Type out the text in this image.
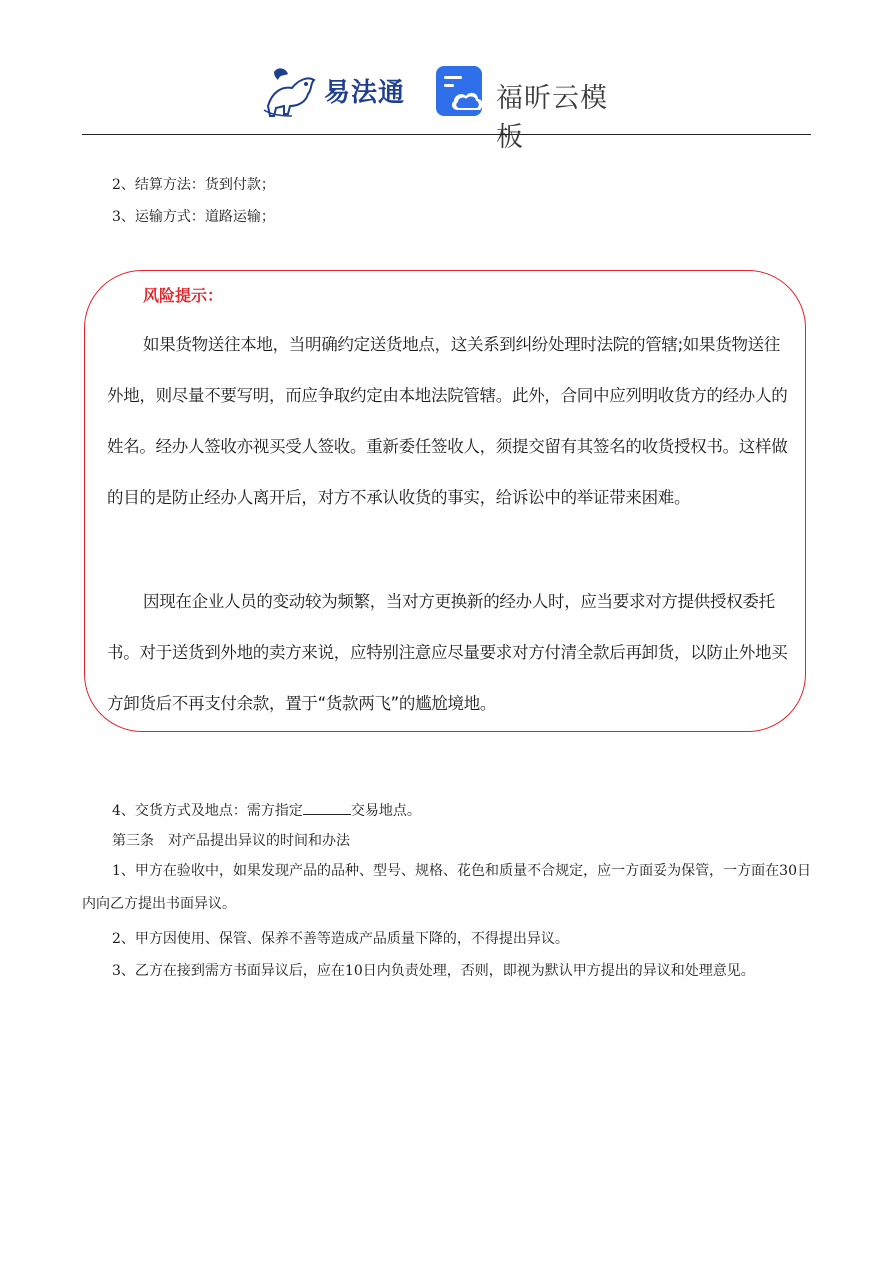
易法通	福昕云模板
2、结算方法：货到付款；
3、运输方式：道路运输；
风险提示：
如果货物送往本地，当明确约定送货地点，这关系到纠纷处理时法院的管辖;如果货物送往外地，则尽量不要写明，而应争取约定由本地法院管辖。此外，合同中应列明收货方的经办人的姓名。经办人签收亦视买受人签收。重新委任签收人，须提交留有其签名的收货授权书。这样做的目的是防止经办人离开后，对方不承认收货的事实，给诉讼中的举证带来困难。
因现在企业人员的变动较为频繁，当对方更换新的经办人时，应当要求对方提供授权委托书。对于送货到外地的卖方来说，应特别注意应尽量要求对方付清全款后再卸货，以防止外地买方卸货后不再支付余款，置于“货款两飞”的尴尬境地。
4、交货方式及地点：需方指定	交易地点。
第三条　对产品提出异议的时间和办法
1、甲方在验收中，如果发现产品的品种、型号、规格、花色和质量不合规定，应一方面妥为保管，一方面在30日内向乙方提出书面异议。
2、甲方因使用、保管、保养不善等造成产品质量下降的，不得提出异议。
3、乙方在接到需方书面异议后，应在10日内负责处理，否则，即视为默认甲方提出的异议和处理意见。
